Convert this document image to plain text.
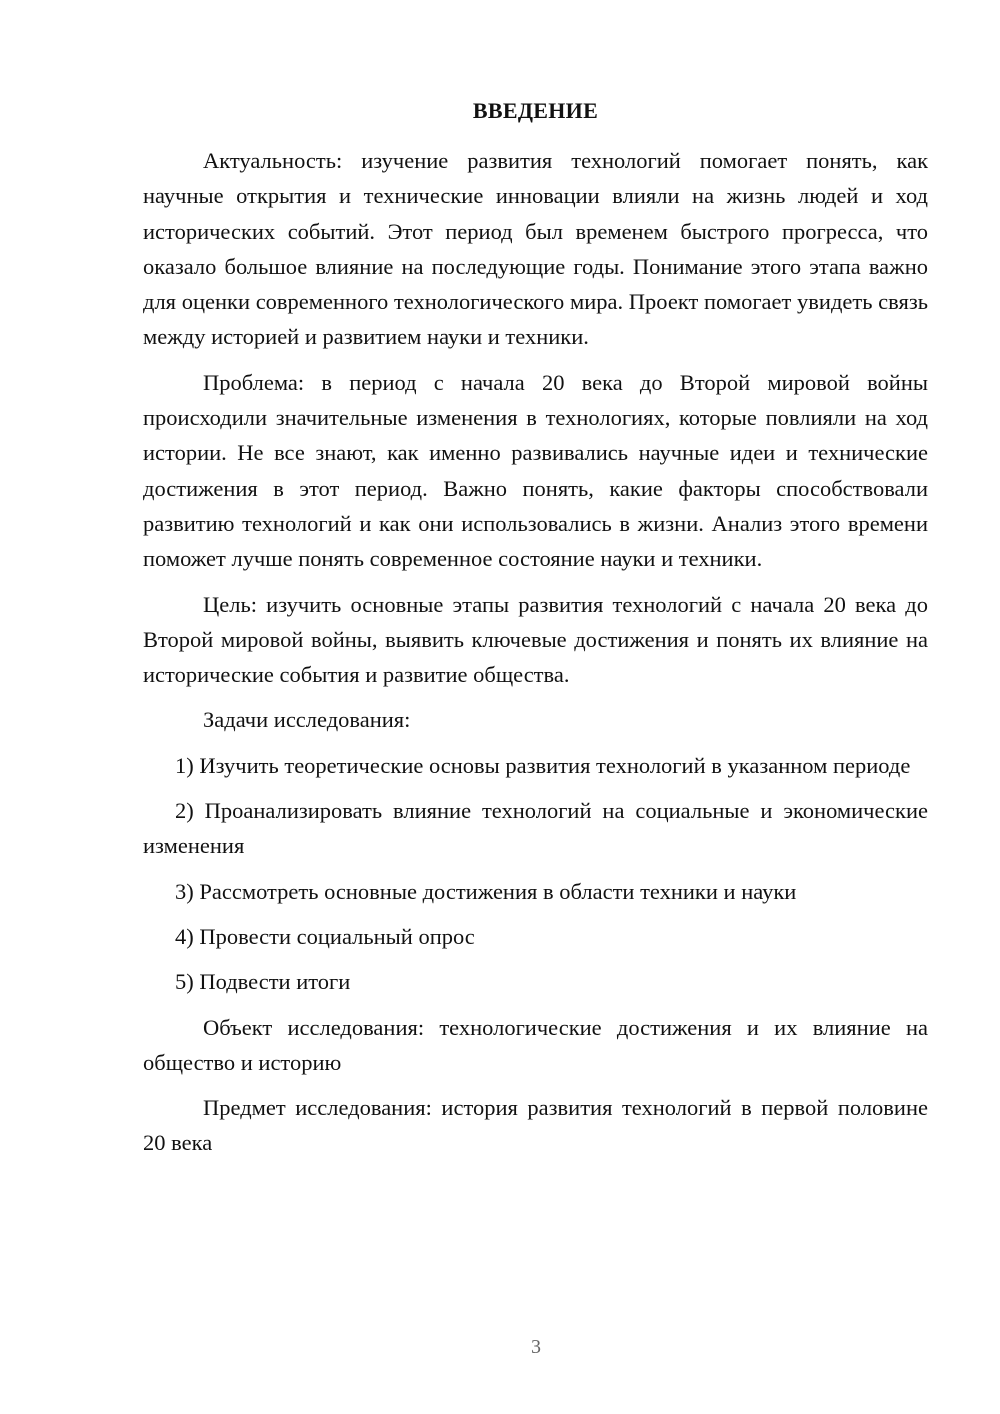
ВВЕДЕНИЕ

Актуальность: изучение развития технологий помогает понять, как научные открытия и технические инновации влияли на жизнь людей и ход исторических событий. Этот период был временем быстрого прогресса, что оказало большое влияние на последующие годы. Понимание этого этапа важно для оценки современного технологического мира. Проект помогает увидеть связь между историей и развитием науки и техники.

Проблема: в период с начала 20 века до Второй мировой войны происходили значительные изменения в технологиях, которые повлияли на ход истории. Не все знают, как именно развивались научные идеи и технические достижения в этот период. Важно понять, какие факторы способствовали развитию технологий и как они использовались в жизни. Анализ этого времени поможет лучше понять современное состояние науки и техники.

Цель: изучить основные этапы развития технологий с начала 20 века до Второй мировой войны, выявить ключевые достижения и понять их влияние на исторические события и развитие общества.

Задачи исследования:

1) Изучить теоретические основы развития технологий в указанном периоде

2) Проанализировать влияние технологий на социальные и экономические изменения

3) Рассмотреть основные достижения в области техники и науки

4) Провести социальный опрос

5) Подвести итоги

Объект исследования: технологические достижения и их влияние на общество и историю

Предмет исследования: история развития технологий в первой половине 20 века

3
